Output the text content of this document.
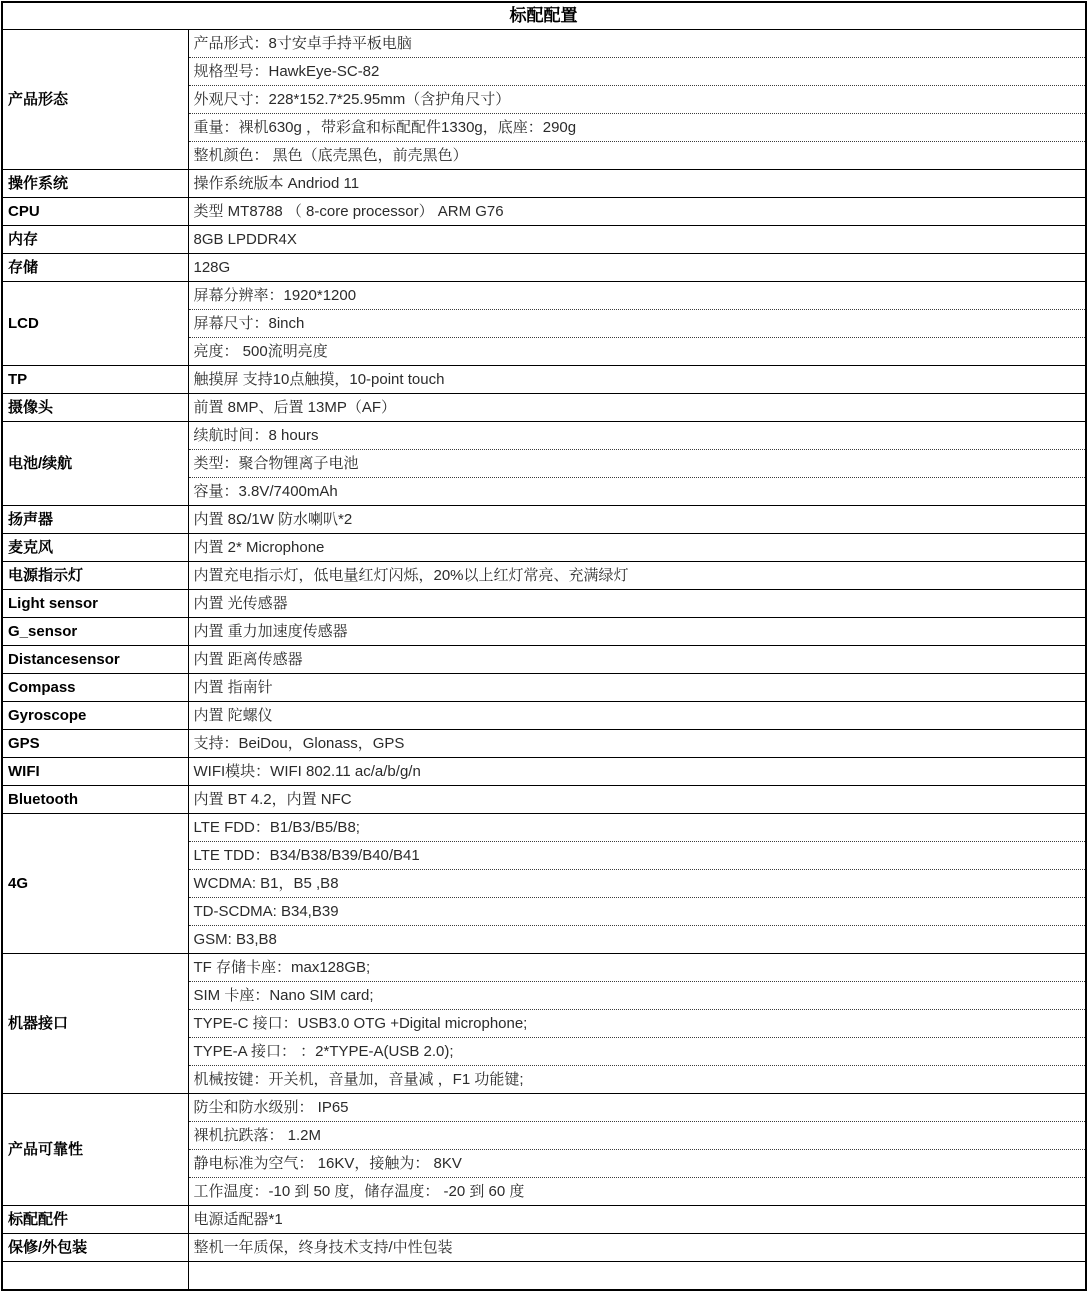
标配配置	
产品形态	产品形式：8寸安卓手持平板电脑
	规格型号：HawkEye-SC-82
	外观尺寸：228*152.7*25.95mm（含护角尺寸）
	重量：裸机630g ，带彩盒和标配配件1330g，底座：290g
	整机颜色： 黑色（底壳黑色，前壳黑色）
操作系统	操作系统版本 Andriod 11
CPU	类型 MT8788 （ 8-core processor） ARM G76
内存	8GB LPDDR4X
存储	128G
LCD	屏幕分辨率：1920*1200
	屏幕尺寸：8inch
	亮度： 500流明亮度
TP	触摸屏 支持10点触摸，10-point touch
摄像头	前置 8MP、后置 13MP（AF）
电池/续航	续航时间：8 hours
	类型：聚合物锂离子电池
	容量：3.8V/7400mAh
扬声器	内置 8Ω/1W 防水喇叭*2
麦克风	内置 2* Microphone
电源指示灯	内置充电指示灯，低电量红灯闪烁，20%以上红灯常亮、充满绿灯
Light sensor	内置 光传感器
G_sensor	内置 重力加速度传感器
Distancesensor	内置 距离传感器
Compass	内置 指南针
Gyroscope	内置 陀螺仪
GPS	支持：BeiDou，Glonass，GPS
WIFI	WIFI模块：WIFI 802.11 ac/a/b/g/n
Bluetooth	内置 BT 4.2，内置 NFC
4G	LTE FDD：B1/B3/B5/B8;
	LTE TDD：B34/B38/B39/B40/B41
	WCDMA: B1，B5 ,B8
	TD-SCDMA: B34,B39
	GSM: B3,B8
机器接口	TF 存储卡座：max128GB;
	SIM 卡座：Nano SIM card;
	TYPE-C 接口：USB3.0 OTG +Digital microphone;
	TYPE-A 接口： ：2*TYPE-A(USB 2.0);
	机械按键：开关机，音量加，音量减 ，F1 功能键;
产品可靠性	防尘和防水级别： IP65
	裸机抗跌落： 1.2M
	静电标准为空气： 16KV，接触为： 8KV
	工作温度：-10 到 50 度，储存温度： -20 到 60 度
标配配件	电源适配器*1
保修/外包装	整机一年质保，终身技术支持/中性包装
